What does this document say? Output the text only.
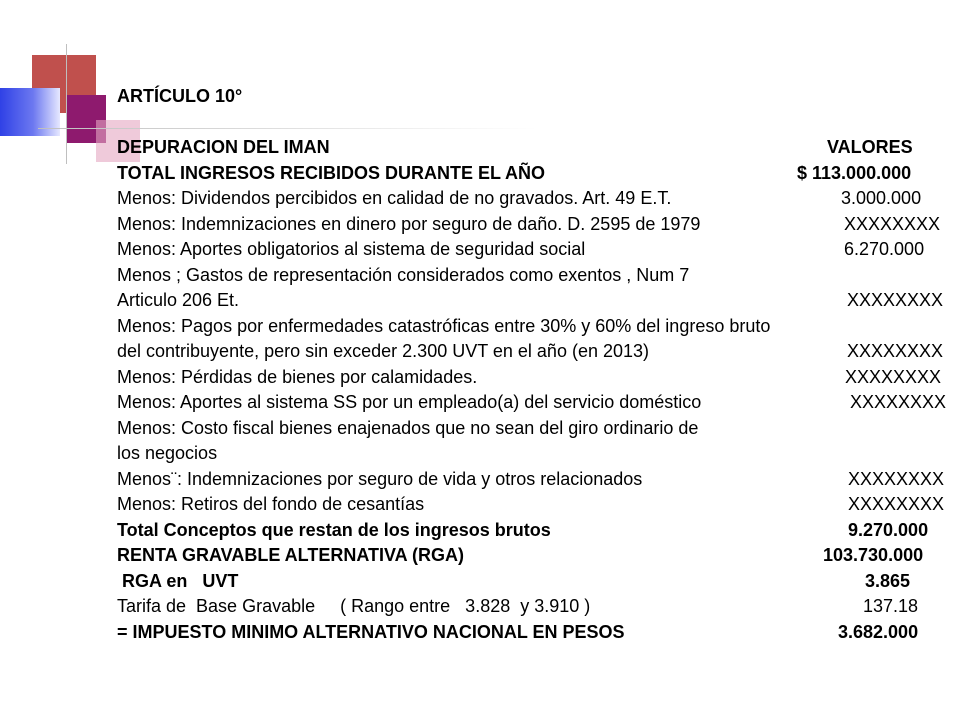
ARTÍCULO 10°
DEPURACION DEL IMAN	VALORES
TOTAL INGRESOS RECIBIDOS DURANTE EL AÑO	$ 113.000.000
Menos: Dividendos percibidos en calidad de no gravados. Art. 49 E.T.	3.000.000
Menos: Indemnizaciones en dinero por seguro de daño. D. 2595 de 1979	XXXXXXXX
Menos: Aportes obligatorios al sistema de seguridad social	6.270.000
Menos ; Gastos de representación considerados como exentos , Num 7
Articulo 206 Et.	XXXXXXXX
Menos: Pagos por enfermedades catastróficas entre 30% y 60% del ingreso bruto
del contribuyente, pero sin exceder 2.300 UVT en el año (en 2013)	XXXXXXXX
Menos: Pérdidas de bienes por calamidades.	XXXXXXXX
Menos: Aportes al sistema SS por un empleado(a) del servicio doméstico	XXXXXXXX
Menos: Costo fiscal bienes enajenados que no sean del giro ordinario de
los negocios
Menos¨: Indemnizaciones por seguro de vida y otros relacionados	XXXXXXXX
Menos: Retiros del fondo de cesantías	XXXXXXXX
Total Conceptos que restan de los ingresos brutos	9.270.000
RENTA GRAVABLE ALTERNATIVA (RGA)	103.730.000
RGA en   UVT	3.865
Tarifa de  Base Gravable     ( Rango entre   3.828  y 3.910 )	137.18
= IMPUESTO MINIMO ALTERNATIVO NACIONAL EN PESOS	3.682.000
